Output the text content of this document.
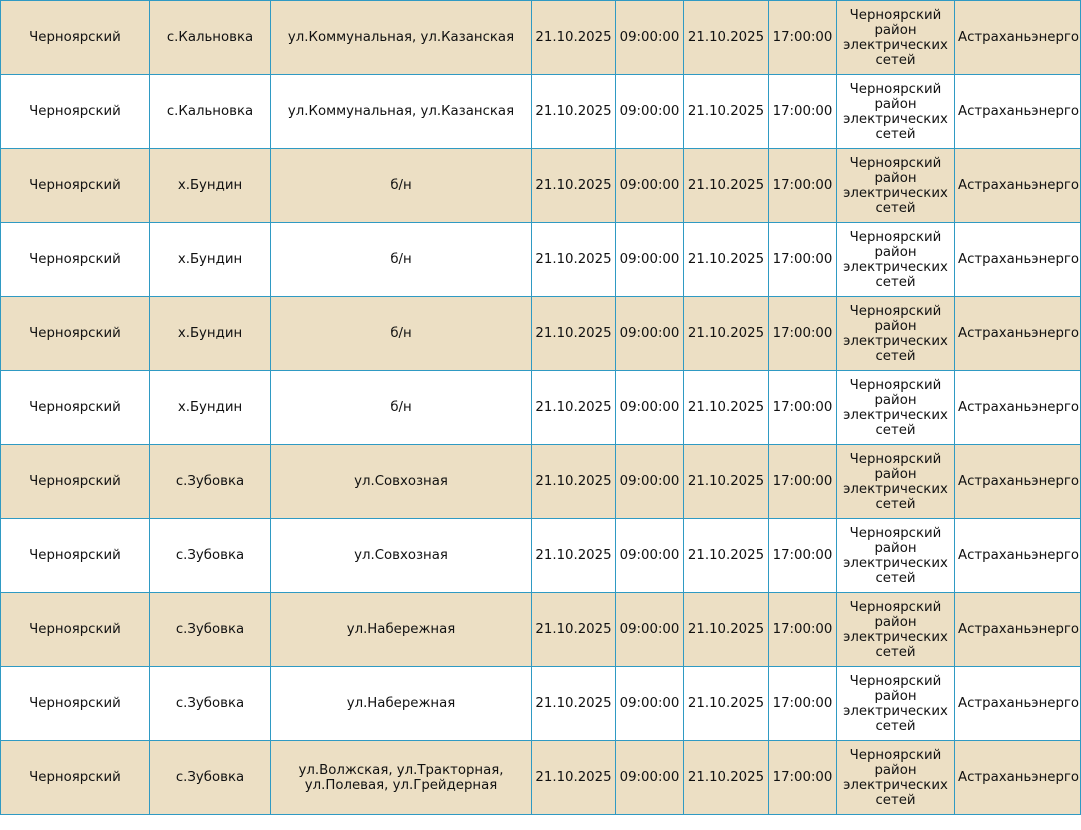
Черноярский	с.Кальновка	ул.Коммунальная, ул.Казанская	21.10.2025	09:00:00	21.10.2025	17:00:00	Черноярский район электрических сетей	Астраханьэнерго
Черноярский	с.Кальновка	ул.Коммунальная, ул.Казанская	21.10.2025	09:00:00	21.10.2025	17:00:00	Черноярский район электрических сетей	Астраханьэнерго
Черноярский	х.Бундин	б/н	21.10.2025	09:00:00	21.10.2025	17:00:00	Черноярский район электрических сетей	Астраханьэнерго
Черноярский	х.Бундин	б/н	21.10.2025	09:00:00	21.10.2025	17:00:00	Черноярский район электрических сетей	Астраханьэнерго
Черноярский	х.Бундин	б/н	21.10.2025	09:00:00	21.10.2025	17:00:00	Черноярский район электрических сетей	Астраханьэнерго
Черноярский	х.Бундин	б/н	21.10.2025	09:00:00	21.10.2025	17:00:00	Черноярский район электрических сетей	Астраханьэнерго
Черноярский	с.Зубовка	ул.Совхозная	21.10.2025	09:00:00	21.10.2025	17:00:00	Черноярский район электрических сетей	Астраханьэнерго
Черноярский	с.Зубовка	ул.Совхозная	21.10.2025	09:00:00	21.10.2025	17:00:00	Черноярский район электрических сетей	Астраханьэнерго
Черноярский	с.Зубовка	ул.Набережная	21.10.2025	09:00:00	21.10.2025	17:00:00	Черноярский район электрических сетей	Астраханьэнерго
Черноярский	с.Зубовка	ул.Набережная	21.10.2025	09:00:00	21.10.2025	17:00:00	Черноярский район электрических сетей	Астраханьэнерго
Черноярский	с.Зубовка	ул.Волжская, ул.Тракторная, ул.Полевая, ул.Грейдерная	21.10.2025	09:00:00	21.10.2025	17:00:00	Черноярский район электрических сетей	Астраханьэнерго
